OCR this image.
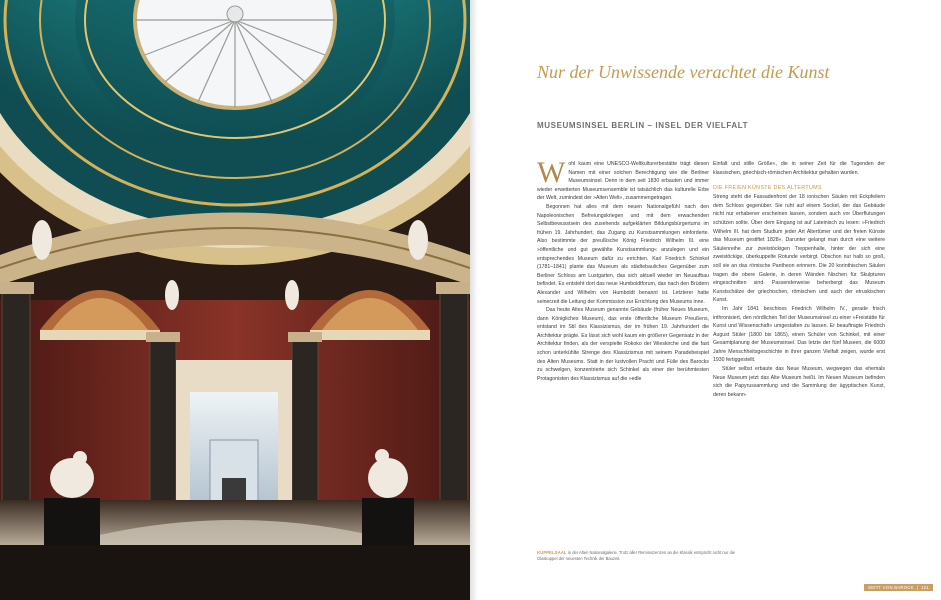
Nur der Unwissende verachtet die Kunst
MUSEUMSINSEL BERLIN – INSEL DER VIELFALT

Wohl kaum eine UNESCO-Weltkulturerbestätte trägt diesen Namen mit einer solchen Berechtigung wie die Berliner Museumsinsel. Denn in dem seit 1830 erbauten und immer wieder erweiterten Museumsensemble ist tatsächlich das kulturelle Erbe der Welt, zumindest der »Alten Welt«, zusammengetragen.

Begonnen hat alles mit dem neuen Nationalgefühl nach den Napoleonischen Befreiungskriegen und mit dem erwachenden Selbstbewusstsein des zusehends aufgeklärten Bildungsbürgertums im frühen 19. Jahrhundert, das Zugang zu Kunstsammlungen einforderte. Also bestimmte der preußische König Friedrich Wilhelm III. eine »öffentliche und gut gewählte Kunstsammlung« anzulegen und ein entsprechendes Museum dafür zu errichten. Karl Friedrich Schinkel (1781–1841) plante das Museum als städtebauliches Gegenüber zum Berliner Schloss am Lustgarten, das sich aktuell wieder im Neuaufbau befindet. Es entsteht dort das neue Humboldtforum, das nach den Brüdern Alexander und Wilhelm von Humboldt benannt ist. Letzterer hatte seinerzeit die Leitung der Kommission zur Errichtung des Museums inne.

Das heute Altes Museum genannte Gebäude (früher Neues Museum, dann Königliches Museum), das erste öffentliche Museum Preußens, entstand im Stil des Klassizismus, der im frühen 19. Jahrhundert die Architektur prägte. Es lässt sich wohl kaum ein größerer Gegensatz in der Architektur finden, als der verspielte Rokoko der Wieskirche und die fast schon unterkühlte Strenge des Klassizismus mit seinem Paradebeispiel des Alten Museums. Statt in der lustvollen Pracht und Fülle des Barocks zu schwelgen, konzentrierte sich Schinkel als einer der berühmtesten Protagonisten des Klassizismus auf die »edle

Einfalt und stille Größe«, die in seiner Zeit für die Tugenden der klassischen, griechisch-römischen Architektur gehalten wurden.

DIE FREIEN KÜNSTE DES ALTERTUMS

Streng steht die Fassadenfront der 18 ionischen Säulen mit Eckpfeilern dem Schloss gegenüber. Sie ruht auf einem Sockel, der das Gebäude nicht nur erhabener erscheinen lassen, sondern auch vor Überflutungen schützen sollte. Über dem Eingang ist auf Lateinisch zu lesen: »Friedrich Wilhelm III. hat dem Studium jeder Art Altertümer und der freien Künste das Museum gestiftet 1828«. Darunter gelangt man durch eine weitere Säulenreihe zur zweistöckigen Treppenhalle, hinter der sich eine zweistöckige, überkuppelte Rotunde verbirgt. Obschon nur halb so groß, soll sie an das römische Pantheon erinnern. Die 20 korinthischen Säulen tragen die obere Galerie, in deren Wänden Nischen für Skulpturen eingeschnitten sind. Passenderweise beherbergt das Museum Kunstschätze der griechischen, römischen und auch der etruskischen Kunst.

Im Jahr 1841 beschloss Friedrich Wilhelm IV., gerade frisch inthronisiert, den nördlichen Teil der Museumsinsel zu einer »Freistätte für Kunst und Wissenschaft« umgestalten zu lassen. Er beauftragte Friedrich August Stüler (1800 bis 1865), einen Schüler von Schinkel, mit einer Gesamtplanung der Museumsinsel. Das letzte der fünf Museen, die 6000 Jahre Menschheitsgeschichte in ihrer ganzen Vielfalt zeigen, wurde erst 1930 fertiggestellt.

Stüler selbst erbaute das Neue Museum, wegwegen das ehemals Neue Museum jetzt das Alte Museum heißt. Im Neuen Museum befinden sich die Papyrussammlung und die Sammlung der ägyptischen Kunst, deren bekann-

KUPPELSAAL in der Alten Nationalgalerie. Trotz aller Reminiszenzen an die Klassik entspricht nicht nur die Glaskuppel der neuesten Technik der Bauzeit.
MOTT VON BAROCK | 121
